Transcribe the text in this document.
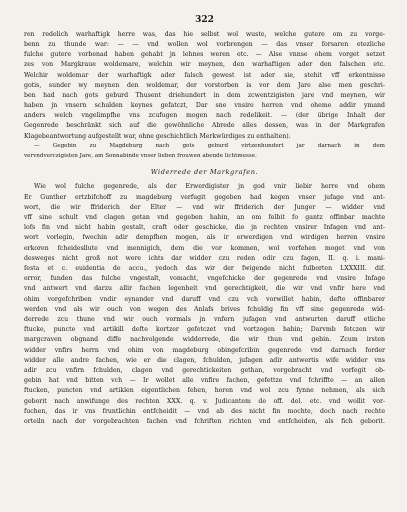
322
ren redelich warhaftigk herre was, das hie selbst wol wuste, welche gutere om zu vorge-
benn zu thunde war: — — vnd wollen wol vorbrengen — das vnser forsaren etezliche
fulche gutere vorbenad haben gehabt jn lehnes weren etc. — Alse vnnse ohem vorget setzet
zes von Margkraue woldemare, welchin wir meynen, den warhaftigen ader den falschen etc.
Welchir woldemar der warhaftigk ader falsch gewest ist ader sie, stehit vff erkentnisse
gotis, sunder wy meynen den woldemar, der vorstorben is vor dem Jare alse men geschri-
ben had nach gots geburd Thusent driehundert in dem zcwentzigisten jare vnd meynen, wir
haben jn vnsern schulden keynes gefatczt, Dar sne vnsire herren vnd oheme addir ymand
anders welch vngelimpfhe vns zcufugen mogen nach redelikeit. — (der übrige Inhalt der
Gegenrede beschränkt sich auf die gewöhnliche Abrede alles dessen, was in der Markgrafen
Klagebeantwortung aufgestellt war, ohne geschichtlich Merkwürdiges zu enthalten).
— Gegebin zu Magdeburg nach gots geburd virtzenhundert jar darnach in dem
vervndverczigisten Jare, am Sonnabinde vnser lieben frouwen abende lichtmesse.
Widerrede der Markgrafen.
Wie wol fulche gegenrede, als der Erwerdigister jn god vnir liebir herre vnd ohem
Er Gunther ertzbifchoff zu magdeburg verfugit gegeben had kegen vnser jufage vnd ant-
wort, die wir ffriderich der Elter — vnd wir ffriderich der Junger — widder vnd
vff sine schult vnd clagen getan vnd gegeben habin, an om felbit fo gantz offinbar machte
lofs fin vnd nicht habin gestalt, craft oder geschicke, die jn rechten vnsirer Infagen vnd ant-
wort vorlegin, fwechin adir dempfhen mogen, als ir erwerdigen vnd wirdigen herren vnsire
erkoren fcheidesllute vnd mennigich, dem die vor kommen, wol vorfehen moget vnd von
desweges nicht groß not were ichts dar widder czu reden odir czu fagen, II. q. i. mani-
festa et c. euidentia de accu., yedoch das wir der fwigende nicht fulborten LXXXIII. dif.
error, funden das fulche vngestalt, vomacht, vngefchicke der gegenrede vnd vnsire Infage
vnd antwert vnd darzu allir fachen legenheit vnd gerechtigkeit, die wir vnd vnfir here vnd
ohim vorgefchriben vndir eynander vnd daruff vnd czu vch vorwillet habin, defte offinbarer
werden vnd als wir ouch von wegen des Anlafs brives fchuldig fin vff sine gegenrede wid-
derrede zcu thune vnd wir ouch vormals jn vnfern jufagen vnd antwurten daruff etliche
ftucke, puncte vnd artikill defte kortzer gefetczet vnd vortzogen habin; Darvmb fetczen wir
margcraven obgnand diffe nachvolgende widderrede, die wir thun vnd gebin. Zcum irsten
widder vnfirs herrn vnd ohim von magdeburg obingefcribin gegenrede vnd darnach forder
widder alle andre fachen, wie er die clagen, fchulden, jufagen adir antwertis wife widder vns
adir zcu vnfirn fchulden, clagen vnd gerechtickeiten gethan, vorgebracht vnd vorfegit ob-
gebin hat vnd bitten vch — Ir wollet alle vnfire fachen, gefettze vnd fchriffte — an allen
ftucken, puncten vnd artiklen eigentlichen fehen, horen vnd wol zcu fynne nehmen, als sich
geborit nach anwifunge des rechten XXX. q. v. Judicantem de off. del. etc. vnd wollit vor-
fuchen, das ir vns fruntlichin entfcheidit — vnd ab des nicht fin mochte, doch nach rechte
orteiln nach der vorgebrachten fachen vnd fchriften richten vnd entfcheiden, als fich geborit.
